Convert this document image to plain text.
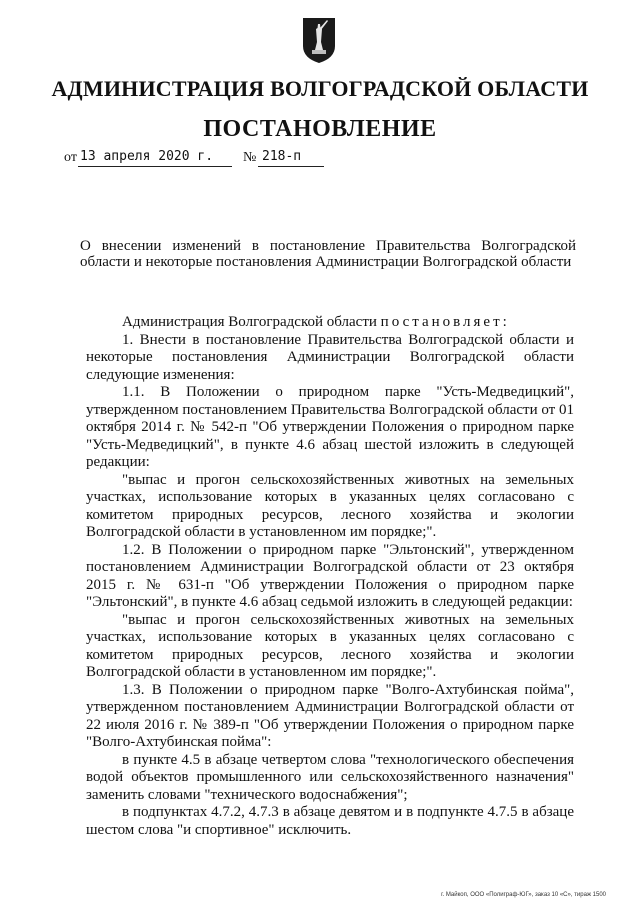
АДМИНИСТРАЦИЯ ВОЛГОГРАДСКОЙ ОБЛАСТИ
ПОСТАНОВЛЕНИЕ
от 13 апреля 2020 г. № 218-п
О внесении изменений в постановление Правительства Волгоградской области и некоторые постановления Администрации Волгоградской области

Администрация Волгоградской области постановляет:

1. Внести в постановление Правительства Волгоградской области и некоторые постановления Администрации Волгоградской области следующие изменения:

1.1. В Положении о природном парке "Усть-Медведицкий", утвержденном постановлением Правительства Волгоградской области от 01 октября 2014 г. № 542-п "Об утверждении Положения о природном парке "Усть-Медведицкий", в пункте 4.6 абзац шестой изложить в следующей редакции:

"выпас и прогон сельскохозяйственных животных на земельных участках, использование которых в указанных целях согласовано с комитетом природных ресурсов, лесного хозяйства и экологии Волгоградской области в установленном им порядке;".

1.2. В Положении о природном парке "Эльтонский", утвержденном постановлением Администрации Волгоградской области от 23 октября 2015 г. № 631-п "Об утверждении Положения о природном парке "Эльтонский", в пункте 4.6 абзац седьмой изложить в следующей редакции:

"выпас и прогон сельскохозяйственных животных на земельных участках, использование которых в указанных целях согласовано с комитетом природных ресурсов, лесного хозяйства и экологии Волгоградской области в установленном им порядке;".

1.3. В Положении о природном парке "Волго-Ахтубинская пойма", утвержденном постановлением Администрации Волгоградской области от 22 июля 2016 г. № 389-п "Об утверждении Положения о природном парке "Волго-Ахтубинская пойма":

в пункте 4.5 в абзаце четвертом слова "технологического обеспечения водой объектов промышленного или сельскохозяйственного назначения" заменить словами "технического водоснабжения";

в подпунктах 4.7.2, 4.7.3 в абзаце девятом и в подпункте 4.7.5 в абзаце шестом слова "и спортивное" исключить.

г. Майкоп, ООО «Полиграф-ЮГ», заказ 10 «С», тираж 1500
